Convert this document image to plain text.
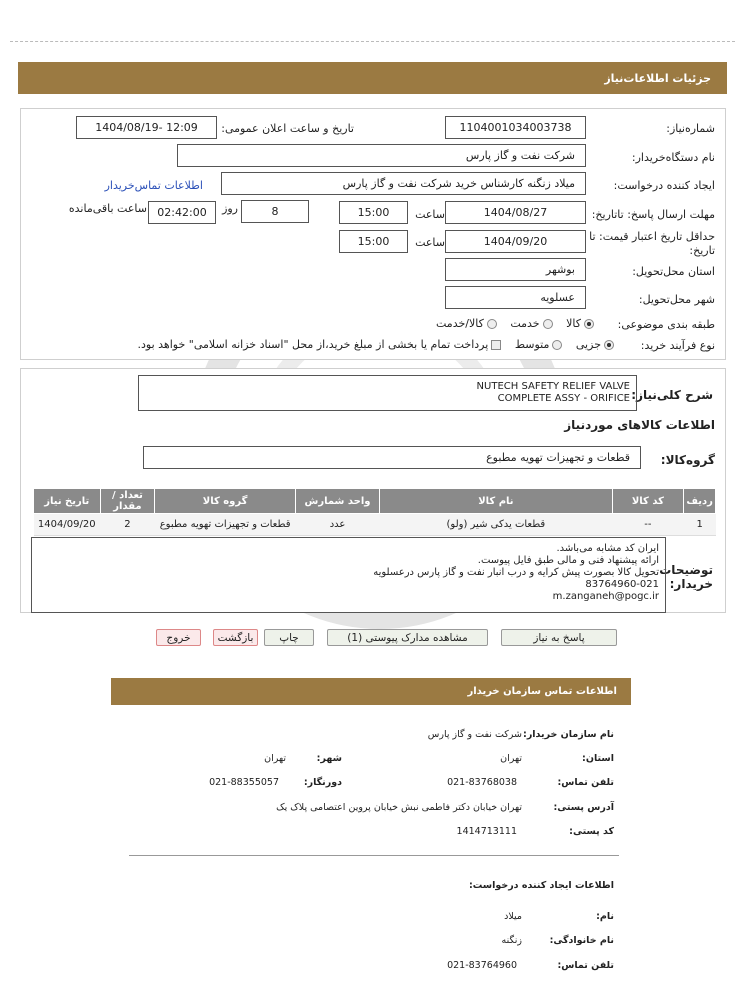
جزئیات اطلاعات‌نیاز
شماره‌نیاز:
1104001034003738
تاریخ و ساعت اعلان عمومی:
1404/08/19- 12:09
نام دستگاه‌خریدار:
شرکت نفت و گاز پارس
ایجاد کننده درخواست:
میلاد زنگنه کارشناس خرید شرکت نفت و گاز پارس
اطلاعات تماس‌خریدار
مهلت ارسال پاسخ: تاتاریخ:
1404/08/27
ساعت
15:00
8
روز
02:42:00
ساعت باقی‌مانده
حداقل تاریخ اعتبار قیمت: تا تاریخ:
1404/09/20
ساعت
15:00
استان محل‌تحویل:
بوشهر
شهر محل‌تحویل:
عسلویه
طبقه بندی موضوعی:
کالا   خدمت   کالا/خدمت
نوع فرآیند خرید:
جزیی   متوسط   پرداخت تمام یا بخشی از مبلغ خرید،از محل "اسناد خزانه اسلامی" خواهد بود.
شرح کلی‌نیاز:
NUTECH SAFETY RELIEF VALVE
COMPLETE ASSY - ORIFICE
اطلاعات کالاهای موردنیاز
گروه‌کالا:
قطعات و تجهیزات تهویه مطبوع
تاریخ نیاز	تعداد / مقدار	گروه کالا	واحد شمارش	نام کالا	کد کالا	ردیف
1404/09/20	2	قطعات و تجهیزات تهویه مطبوع	عدد	قطعات یدکی شیر (ولو)	--	1
توضیحات خریدار:
ایران کد مشابه می‌باشد.
ارائه پیشنهاد فنی و مالی طبق فایل پیوست.
تحویل کالا بصورت پیش کرایه و درب انبار نفت و گاز پارس درعسلویه
83764960-021
m.zanganeh@pogc.ir
پاسخ به نیاز
مشاهده مدارک پیوستی (1)
چاپ
بازگشت
خروج
اطلاعات تماس سازمان خریدار
نام سازمان خریدار:
شرکت نفت و گاز پارس
استان:
تهران
شهر:
تهران
تلفن تماس:
021-83768038
دورنگار:
021-88355057
آدرس پستی:
تهران خیابان دکتر فاطمی نبش خیابان پروین اعتصامی پلاک یک
کد پستی:
1414713111
اطلاعات ایجاد کننده درخواست:
نام:
میلاد
نام خانوادگی:
زنگنه
تلفن تماس:
021-83764960
